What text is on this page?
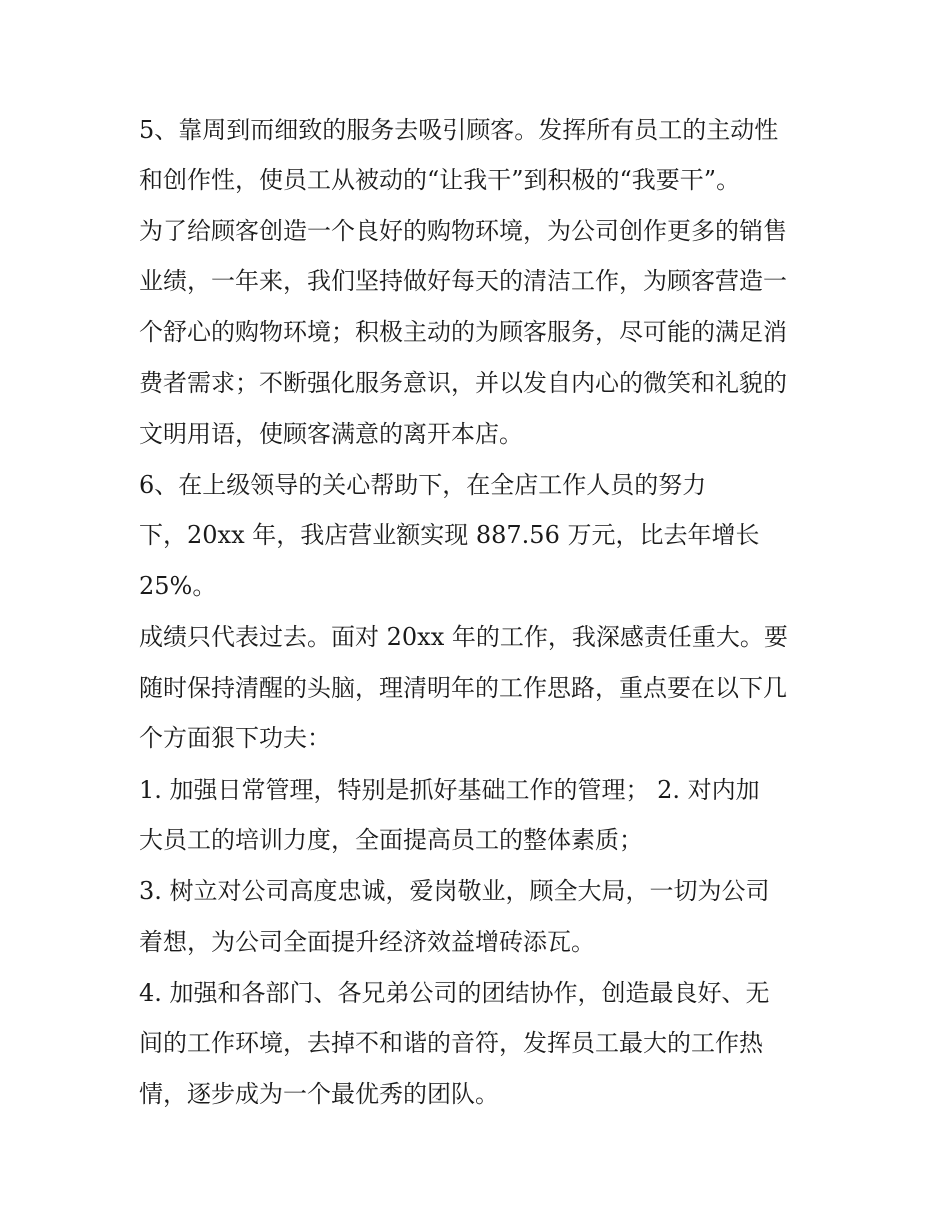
5、靠周到而细致的服务去吸引顾客。发挥所有员工的主动性

和创作性，使员工从被动的“让我干”到积极的“我要干”。

为了给顾客创造一个良好的购物环境，为公司创作更多的销售

业绩，一年来，我们坚持做好每天的清洁工作，为顾客营造一

个舒心的购物环境；积极主动的为顾客服务，尽可能的满足消

费者需求；不断强化服务意识，并以发自内心的微笑和礼貌的

文明用语，使顾客满意的离开本店。

6、在上级领导的关心帮助下，在全店工作人员的努力

下，20xx 年，我店营业额实现 887.56 万元，比去年增长

25%。

成绩只代表过去。面对 20xx 年的工作，我深感责任重大。要

随时保持清醒的头脑，理清明年的工作思路，重点要在以下几

个方面狠下功夫：

1. 加强日常管理，特别是抓好基础工作的管理； 2. 对内加

大员工的培训力度，全面提高员工的整体素质；

3. 树立对公司高度忠诚，爱岗敬业，顾全大局，一切为公司

着想，为公司全面提升经济效益增砖添瓦。

4. 加强和各部门、各兄弟公司的团结协作，创造最良好、无

间的工作环境，去掉不和谐的音符，发挥员工最大的工作热

情，逐步成为一个最优秀的团队。
